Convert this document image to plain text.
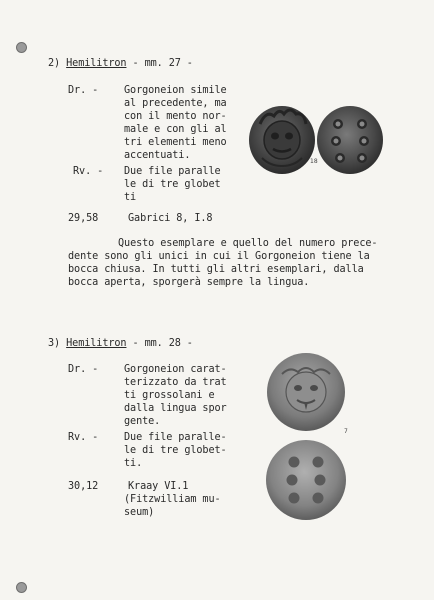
2) Hemilitron - mm. 27 -
Dr. -	Gorgoneion simile
al precedente, ma
con il mento nor-
male e con gli al
tri elementi meno
accentuati.
Rv. - Due file paralle
le di tre globet
ti
29,58	Gabrici 8, I.8
Questo esemplare e quello del numero prece-
dente sono gli unici in cui il Gorgoneion tiene la
bocca chiusa. In tutti gli altri esemplari, dalla
bocca aperta, sporgerà sempre la lingua.
18
3) Hemilitron - mm. 28 -
Dr. -	Gorgoneion carat-
terizzato da trat
ti grossolani e
dalla lingua spor
gente.
Rv. -	Due file paralle-
le di tre globet-
ti.
30,12	Kraay VI.1
(Fitzwilliam mu-
seum)
7
